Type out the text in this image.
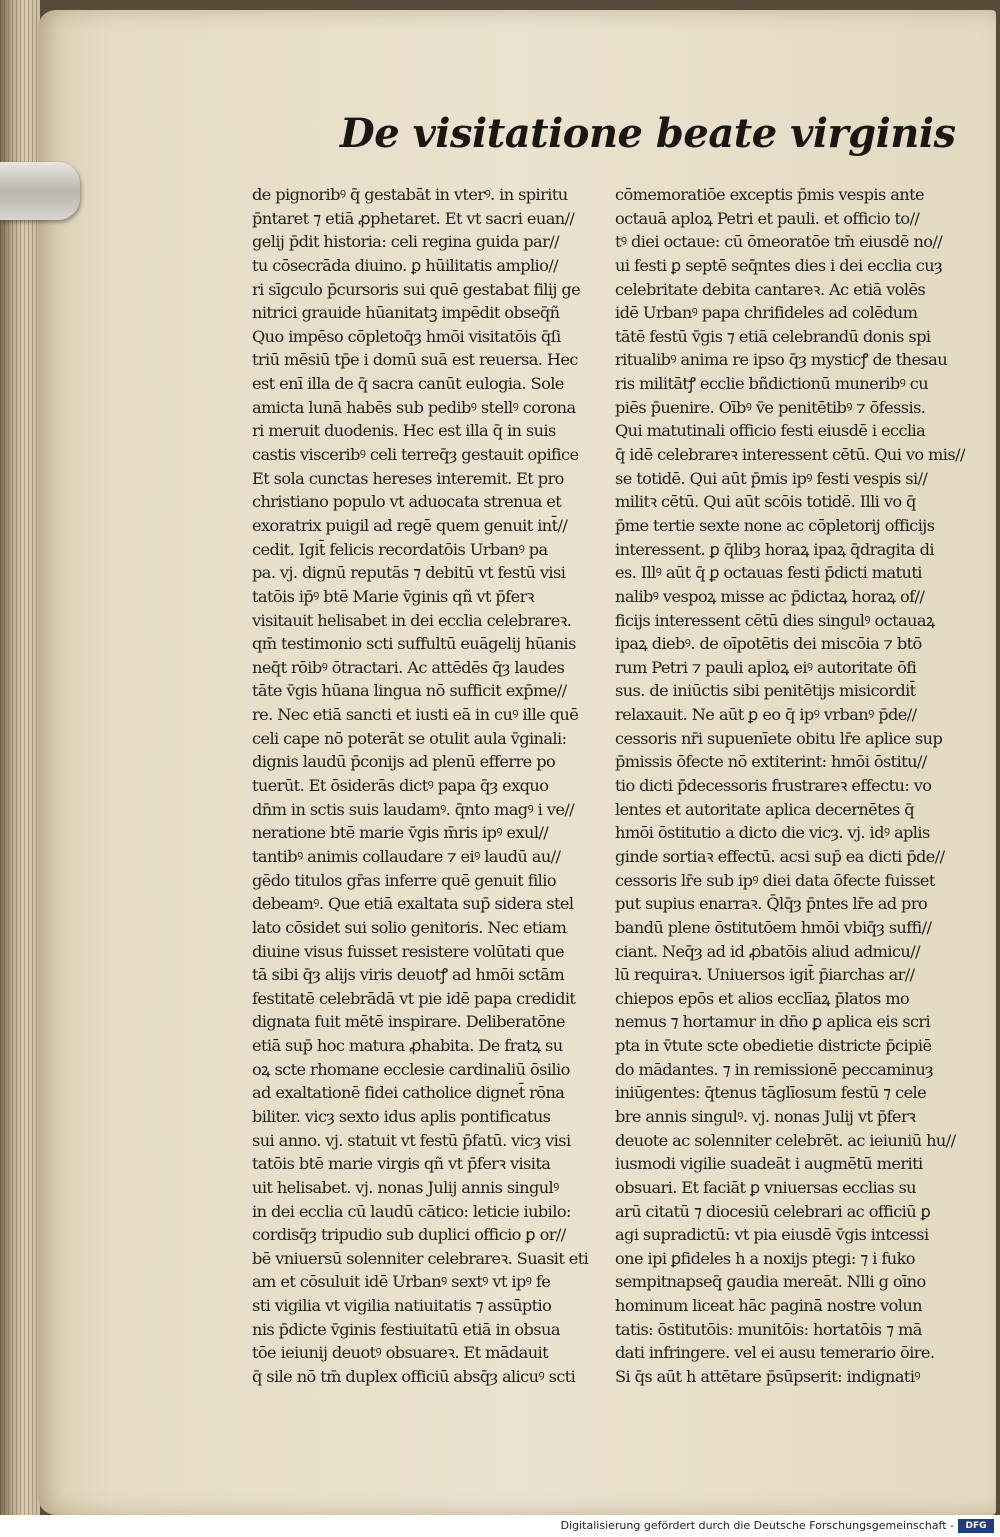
De visitatione beate virginis
de pignoribꝰ q̄ gestabāt in vterꝰ. in spiritu
p̄ntaret ⁊ etiā ꝓphetaret. Et vt sacri euan//
gelij p̄dit historia: celi regina guida par//
tu cōsecrāda diuino. ꝑ hūilitatis amplio//
ri sīgculo p̄cursoris sui quē gestabat filij ge
nitrici grauide hūanitatꝫ impēdit obseq̄ñ
Quo impēso cōpletoq̄ȝ hmōi visitatōis q̄ſi
triū mēsiū tp̄e i domū suā est reuersa. Hec
est enī illa de q̄ sacra canūt eulogia. Sole
amicta lunā habēs sub pedibꝰ stellꝰ corona
ri meruit duodenis. Hec est illa q̄ in suis
castis visceribꝰ celi terreq̄ȝ gestauit opifice
Et sola cunctas hereses interemit. Et pro
christiano populo vt aduocata strenua et
exoratrix puigil ad regē quem genuit int̄//
cedit. Igit̄ felicis recordatōis Urbanꝰ pa
pa. vj. dignū reputās ⁊ debitū vt festū visi
tatōis ip̄ꝰ btē Marie v̄ginis qñ vt p̄ferꝛ
visitauit helisabet in dei ecclia celebrareꝛ.
qm̄ testimonio scti suffultū euāgelij hūanis
neq̄t rōibꝰ ōtractari. Ac attēdēs q̄ȝ laudes
tāte v̄gis hūana lingua nō sufficit exp̄me//
re. Nec etiā sancti et iusti eā in cuꝰ ille quē
celi cape nō poterāt se otulit aula v̄ginali:
dignis laudū p̄conijs ad plenū efferre po
tuerūt. Et ōsiderās dictꝰ papa q̄ȝ exquo
dn̄m in sctis suis laudamꝰ. q̄nto magꝰ i ve//
neratione btē marie v̄gis m̄ris ipꝰ exul//
tantibꝰ animis collaudare ⁊ eiꝰ laudū au//
gēdo titulos gr̄as inferre quē genuit filio
debeamꝰ. Que etiā exaltata sup̄ sidera stel
lato cōsidet sui solio genitoris. Nec etiam
diuine visus fuisset resistere volūtati que
tā sibi q̄ȝ alijs viris deuotꝭ ad hmōi sctām
festitatē celebrādā vt pie idē papa credidit
dignata fuit mētē inspirare. Deliberatōne
etiā sup̄ hoc matura ꝓhabita. De fratꝝ su
oꝝ scte rhomane ecclesie cardinaliū ōsilio
ad exaltationē fidei catholice dignet̄ rōna
biliter. vicȝ sexto idus aplis pontificatus
sui anno. vj. statuit vt festū p̄fatū. vicȝ visi
tatōis btē marie virgis qñ vt p̄ferꝛ visita
uit helisabet. vj. nonas Julij annis singulꝰ
in dei ecclia cū laudū cātico: leticie iubilo:
cordisq̄ȝ tripudio sub duplici officio ꝑ or//
bē vniuersū solenniter celebrareꝛ. Suasit eti
am et cōsuluit idē Urbanꝰ sextꝰ vt ipꝰ fe
sti vigilia vt vigilia natiuitatis ⁊ assūptio
nis p̄dicte v̄ginis festiuitatū etiā in obsua
tōe ieiunij deuotꝰ obsuareꝛ. Et mādauit
q̄ sile nō tm̄ duplex officiū absq̄ȝ alicuꝰ scti
cōmemoratiōe exceptis p̄mis vespis ante
octauā aploꝝ Petri et pauli. et officio to//
tꝰ diei octaue: cū ōmeoratōe tm̄ eiusdē no//
ui festi ꝑ septē seq̄ntes dies i dei ecclia cuȝ
celebritate debita cantareꝛ. Ac etiā volēs
idē Urbanꝰ papa chrifideles ad colēdum
tātē festū v̄gis ⁊ etiā celebrandū donis spi
ritualibꝰ anima re ipso q̄ȝ mysticꝭ de thesau
ris militātꝭ ecclie bñdictionū muneribꝰ cu
piēs p̄uenire. Oībꝰ v̄e penitētibꝰ ⁊ ōfessis.
Qui matutinali officio festi eiusdē i ecclia
q̄ idē celebrareꝛ interessent cētū. Qui vo mis//
se totidē. Qui aūt p̄mis ipꝰ festi vespis si//
militꝛ cētū. Qui aūt scōis totidē. Illi vo q̄
p̄me tertie sexte none ac cōpletorij officijs
interessent. ꝑ q̄libȝ horaꝝ ipaꝝ q̄dragita di
es. Illꝰ aūt q̄ ꝑ octauas festi p̄dicti matuti
nalibꝰ vespoꝝ misse ac p̄dictaꝝ horaꝝ of//
ficijs interessent cētū dies singulꝰ octauaꝝ
ipaꝝ diebꝰ. de oīpotētis dei miscōia ⁊ btō
rum Petri ⁊ pauli aploꝝ eiꝰ autoritate ōfi
sus. de iniūctis sibi penitētijs misicordit̄
relaxauit. Ne aūt ꝑ eo q̄ ipꝰ vrbanꝰ p̄de//
cessoris nr̄i supuenīete obitu lr̄e aplice sup
p̄missis ōfecte nō extiterint: hmōi ōstitu//
tio dicti p̄decessoris frustrareꝛ effectu: vo
lentes et autoritate aplica decernētes q̄
hmōi ōstitutio a dicto die vicȝ. vj. idꝰ aplis
ginde sortiaꝛ effectū. acsi sup̄ ea dicti p̄de//
cessoris lr̄e sub ipꝰ diei data ōfecte fuisset
put supius enarraꝛ. Q̄lq̄ȝ p̄ntes lr̄e ad pro
bandū plene ōstitutōem hmōi vbiq̄ȝ suffi//
ciant. Neq̄ȝ ad id ꝓbatōis aliud admicu//
lū requiraꝛ. Uniuersos igit̄ p̄iarchas ar//
chiepos epōs et alios ecclīaꝝ p̄latos mo
nemus ⁊ hortamur in dn̄o ꝑ aplica eis scri
pta in v̄tute scte obedietie districte p̄cipiē
do mādantes. ⁊ in remissionē peccaminuȝ
iniūgentes: q̄tenus tāglīosum festū ⁊ cele
bre annis singulꝰ. vj. nonas Julij vt p̄ferꝛ
deuote ac solenniter celebrēt. ac ieiuniū hu//
iusmodi vigilie suadeāt i augmētū meriti
obsuari. Et faciāt ꝑ vniuersas ecclias su
arū citatū ⁊ diocesiū celebrari ac officiū ꝑ
agi supradictū: vt pia eiusdē v̄gis intcessi
one ipi ꝑfideles h a noxijs ptegi: ⁊ i fuko
sempitnapseq̄ gaudia mereāt. Nlli g oīno
hominum liceat hāc paginā nostre volun
tatis: ōstitutōis: munitōis: hortatōis ⁊ mā
dati infringere. vel ei ausu temerario ōire.
Si q̄s aūt h attētare p̄sūpserit: indignatiꝰ
Digitalisierung gefördert durch die Deutsche Forschungsgemeinschaft -	DFG
